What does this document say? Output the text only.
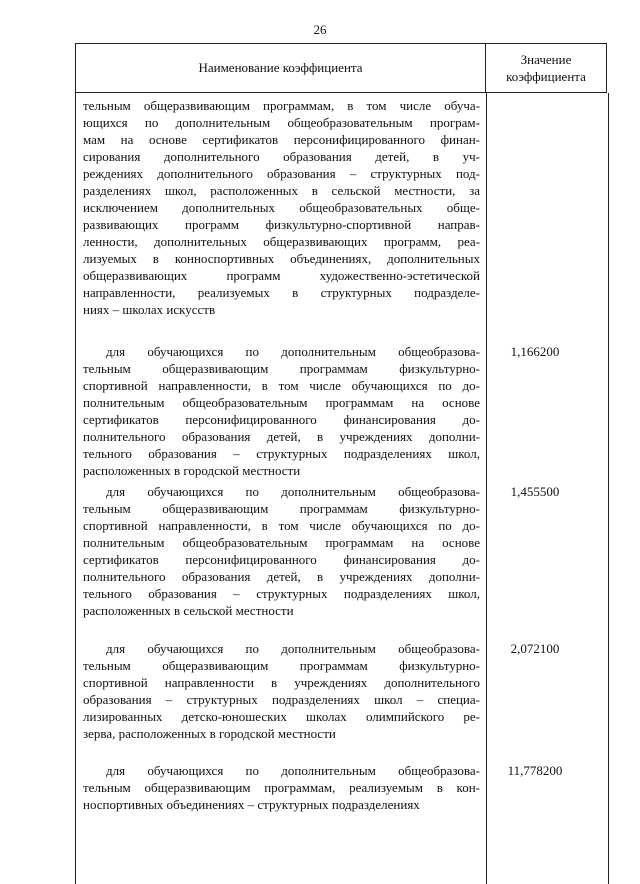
26
Наименование коэффициента
Значение
коэффициента
тельным общеразвивающим программам, в том числе обуча-
ющихся по дополнительным общеобразовательным програм-
мам на основе сертификатов персонифицированного финан-
сирования дополнительного образования детей, в уч-
реждениях дополнительного образования – структурных под-
разделениях школ, расположенных в сельской местности, за
исключением дополнительных общеобразовательных обще-
развивающих программ физкультурно-спортивной направ-
ленности, дополнительных общеразвивающих программ, реа-
лизуемых в конноспортивных объединениях, дополнительных
общеразвивающих программ художественно-эстетической
направленности, реализуемых в структурных подразделе-
ниях – школах искусств
для обучающихся по дополнительным общеобразова-
тельным общеразвивающим программам физкультурно-
спортивной направленности, в том числе обучающихся по до-
полнительным общеобразовательным программам на основе
сертификатов персонифицированного финансирования до-
полнительного образования детей, в учреждениях дополни-
тельного образования – структурных подразделениях школ,
расположенных в городской местности
1,166200
для обучающихся по дополнительным общеобразова-
тельным общеразвивающим программам физкультурно-
спортивной направленности, в том числе обучающихся по до-
полнительным общеобразовательным программам на основе
сертификатов персонифицированного финансирования до-
полнительного образования детей, в учреждениях дополни-
тельного образования – структурных подразделениях школ,
расположенных в сельской местности
1,455500
для обучающихся по дополнительным общеобразова-
тельным общеразвивающим программам физкультурно-
спортивной направленности в учреждениях дополнительного
образования – структурных подразделениях школ – специа-
лизированных детско-юношеских школах олимпийского ре-
зерва, расположенных в городской местности
2,072100
для обучающихся по дополнительным общеобразова-
тельным общеразвивающим программам, реализуемым в кон-
носпортивных объединениях – структурных подразделениях
11,778200
